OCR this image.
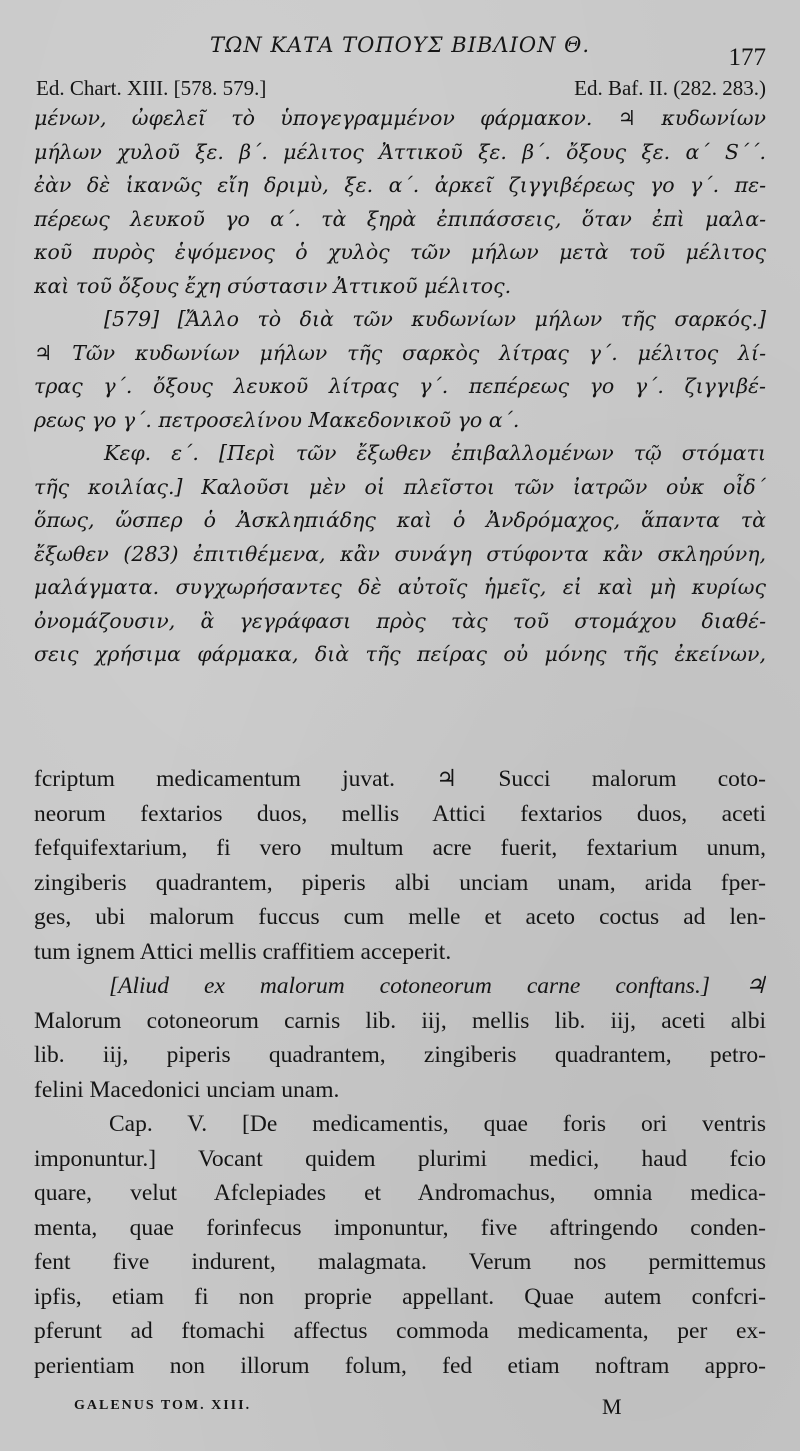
ΤΩΝ ΚΑΤΑ ΤΟΠΟΥΣ ΒΙΒΛΙΟΝ Θ.	177
Ed. Chart. XIII. [578. 579.]	Ed. Baf. II. (282. 283.)
μένων, ὠφελεῖ τὸ ὑπογεγραμμένον φάρμακον. ♃ κυδωνίων
μήλων χυλοῦ ξε. β΄. μέλιτος Ἀττικοῦ ξε. β΄. ὄξους ξε. α΄ S΄΄.
ἐὰν δὲ ἱκανῶς εἴη δριμὺ, ξε. α΄. ἀρκεῖ ζιγγιβέρεως γο γ΄. πε-
πέρεως λευκοῦ γο α΄. τὰ ξηρὰ ἐπιπάσσεις, ὅταν ἐπὶ μαλα-
κοῦ πυρὸς ἑψόμενος ὁ χυλὸς τῶν μήλων μετὰ τοῦ μέλιτος
καὶ τοῦ ὄξους ἔχη σύστασιν Ἀττικοῦ μέλιτος.
[579] [Ἄλλο τὸ διὰ τῶν κυδωνίων μήλων τῆς σαρκός.]
♃ Τῶν κυδωνίων μήλων τῆς σαρκὸς λίτρας γ΄. μέλιτος λί-
τρας γ΄. ὄξους λευκοῦ λίτρας γ΄. πεπέρεως γο γ΄. ζιγγιβέ-
ρεως γο γ΄. πετροσελίνου Μακεδονικοῦ γο α΄.
Κεφ. ε΄. [Περὶ τῶν ἔξωθεν ἐπιβαλλομένων τῷ στόματι
τῆς κοιλίας.] Καλοῦσι μὲν οἱ πλεῖστοι τῶν ἰατρῶν οὐκ οἶδ΄
ὅπως, ὥσπερ ὁ Ἀσκληπιάδης καὶ ὁ Ἀνδρόμαχος, ἅπαντα τὰ
ἔξωθεν (283) ἐπιτιθέμενα, κἂν συνάγη στύφοντα κἂν σκληρύνη,
μαλάγματα. συγχωρήσαντες δὲ αὐτοῖς ἡμεῖς, εἰ καὶ μὴ κυρίως
ὀνομάζουσιν, ἃ γεγράφασι πρὸς τὰς τοῦ στομάχου διαθέ-
σεις χρήσιμα φάρμακα, διὰ τῆς πείρας οὐ μόνης τῆς ἐκείνων,
fcriptum medicamentum juvat. ♃ Succi malorum coto-
neorum fextarios duos, mellis Attici fextarios duos, aceti
fefquifextarium, fi vero multum acre fuerit, fextarium unum,
zingiberis quadrantem, piperis albi unciam unam, arida fper-
ges, ubi malorum fuccus cum melle et aceto coctus ad len-
tum ignem Attici mellis craffitiem acceperit.
[Aliud ex malorum cotoneorum carne conftans.] ♃
Malorum cotoneorum carnis lib. iij, mellis lib. iij, aceti albi
lib. iij, piperis quadrantem, zingiberis quadrantem, petro-
felini Macedonici unciam unam.
Cap. V. [De medicamentis, quae foris ori ventris
imponuntur.] Vocant quidem plurimi medici, haud fcio
quare, velut Afclepiades et Andromachus, omnia medica-
menta, quae forinfecus imponuntur, five aftringendo conden-
fent five indurent, malagmata. Verum nos permittemus
ipfis, etiam fi non proprie appellant. Quae autem confcri-
pferunt ad ftomachi affectus commoda medicamenta, per ex-
perientiam non illorum folum, fed etiam noftram appro-
GALENUS TOM. XIII.	M
